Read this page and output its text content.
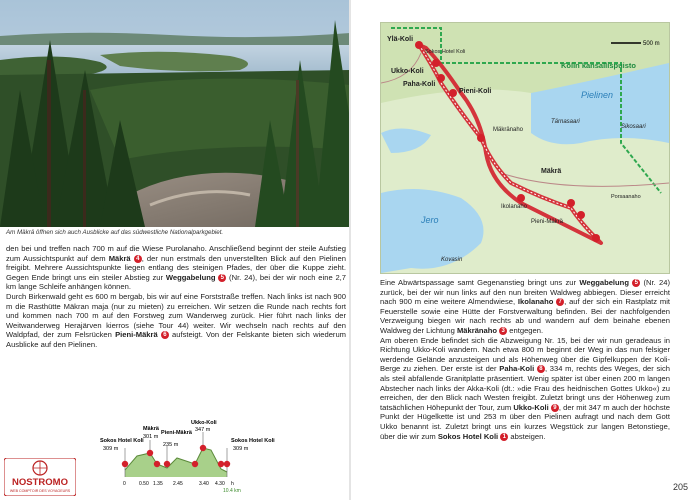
Am Mäkrä öffnen sich auch Ausblicke auf das südwestliche Nationalparkgebiet.

den bei und treffen nach 700 m auf die Wiese Purolanaho. Anschließend beginnt der steile Aufstieg zum Aussichtspunkt auf dem Mäkrä 4 , der nun erstmals den unverstellten Blick auf den Pielinen freigibt. Mehrere Aussichtspunkte liegen entlang des steinigen Pfades, der über die Kuppe zieht. Gegen Ende bringt uns ein steiler Abstieg zur Weggabelung 5 (Nr. 24), bei der wir noch eine 2,7 km lange Schleife anhängen können.

Durch Birkenwald geht es 600 m bergab, bis wir auf eine Forststraße treffen. Nach links ist nach 900 m die Rasthütte Mäkran maja (nur zu mieten) zu erreichen. Wir setzen die Runde nach rechts fort und kommen nach 700 m auf den Forstweg zum Wanderweg zurück. Hier führt nach links der Weitwanderweg Herajärven kierros (siehe Tour 44) weiter. Wir wechseln nach rechts auf den Waldpfad, der zum Felsrücken Pieni-Mäkrä 6 aufsteigt. Von der Felskante bieten sich wiederum Ausblicke auf den Pielinen.

Sokos Hotel Koli
309 m
Mäkrä
301 m
Pieni-Mäkrä
235 m
Ukko-Koli
347 m
Sokos Hotel Koli
309 m
0	0.50 1.35 2.45	3.40 4.30 h
10.4 km
NOSTROMO
WEB COMPTOIR DES VOYAGEURS
500 m
Ylä-Koli
Sokos Hotel Koli
Ukko-Koli
Paha-Koli
Pieni-Koli
Kolin kansallispuisto
Pielinen
Tärnasaari
Mäkränaho
Mäkrä
Ikolanaho
Pieni-Mäkrä
Jero
Kovasin
Sikosaari
Porsaanaho

Eine Abwärtspassage samt Gegenanstieg bringt uns zur Weggabelung 5 (Nr. 24) zurück, bei der wir nun links auf den nun breiten Waldweg abbiegen. Dieser erreicht nach 900 m eine weitere Almendwiese, Ikolanaho 7 , auf der sich ein Rastplatz mit Feuerstelle sowie eine Hütte der Forstverwaltung befinden. Bei der nachfolgenden Verzweigung biegen wir nach rechts ab und wandern auf dem beinahe ebenen Waldweg der Lichtung Mäkränaho 3 entgegen.

Am oberen Ende befindet sich die Abzweigung Nr. 15, bei der wir nun geradeaus in Richtung Ukko-Koli wandern. Nach etwa 800 m beginnt der Weg in das nun felsiger werdende Gelände anzusteigen und als Höhenweg über die Gipfelkuppen der Koli-Berge zu ziehen. Der erste ist der Paha-Koli 8 , 334 m, rechts des Weges, der sich als steil abfallende Granitplatte präsentiert. Wenig später ist über einen 200 m langen Abstecher nach links der Akka-Koli (dt.: »die Frau des heidnischen Gottes Ukko«) zu erreichen, der den Blick nach Westen freigibt. Zuletzt bringt uns der Höhenweg zum tatsächlichen Höhepunkt der Tour, zum Ukko-Koli 9 , der mit 347 m auch der höchste Punkt der Hügelkette ist und 253 m über den Pielinen aufragt und nach dem Gott Ukko benannt ist. Zuletzt bringt uns ein kurzes Wegstück zur langen Betonstiege, über die wir zum Sokos Hotel Koli 1 absteigen.

205
